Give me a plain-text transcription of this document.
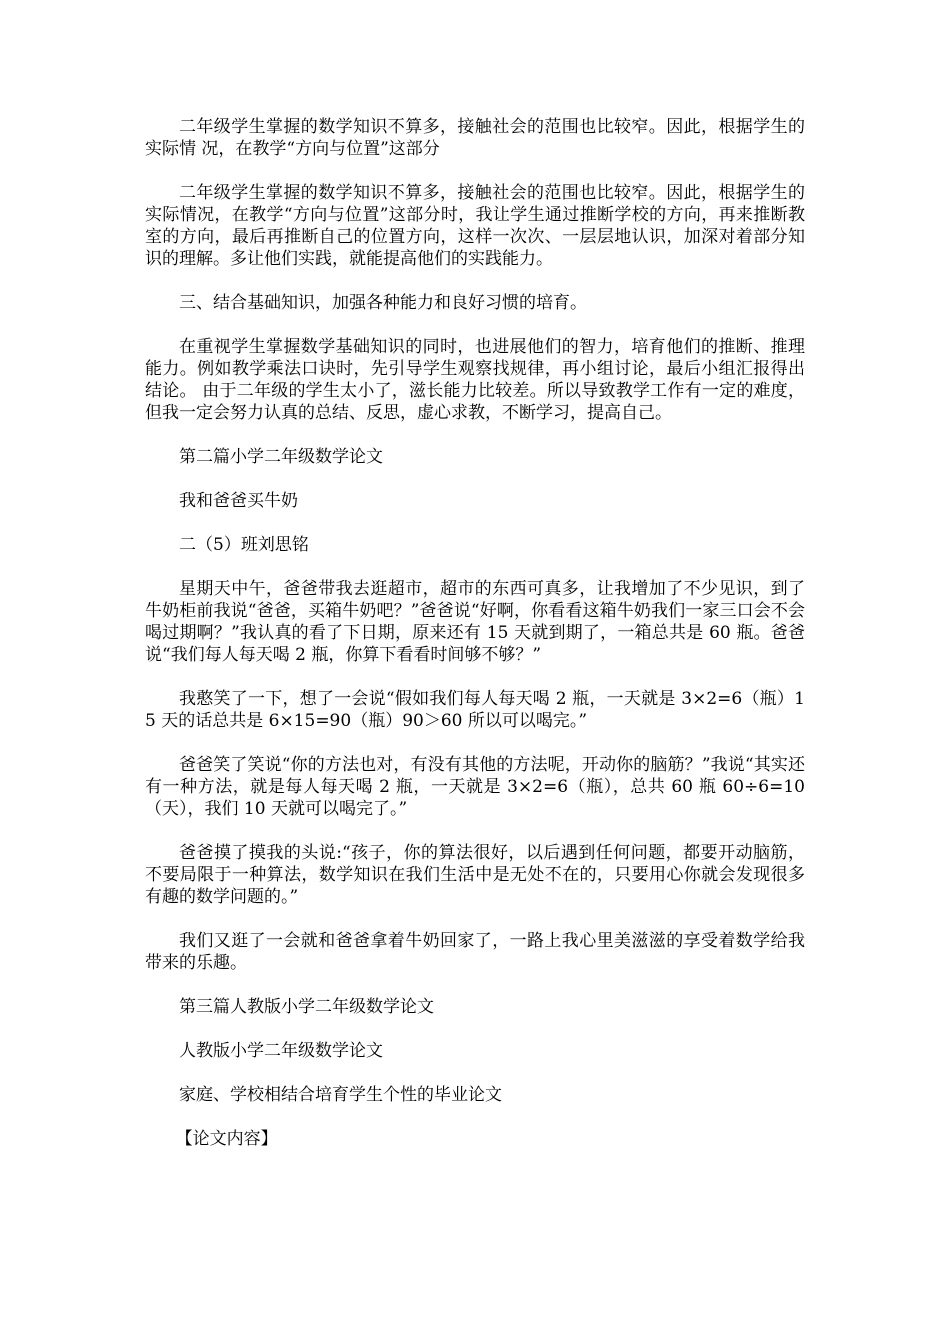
二年级学生掌握的数学知识不算多，接触社会的范围也比较窄。因此，根据学生的实际情 况，在教学“方向与位置”这部分

二年级学生掌握的数学知识不算多，接触社会的范围也比较窄。因此，根据学生的实际情况，在教学“方向与位置”这部分时，我让学生通过推断学校的方向，再来推断教室的方向，最后再推断自己的位置方向，这样一次次、一层层地认识，加深对着部分知识的理解。多让他们实践，就能提高他们的实践能力。

三、结合基础知识，加强各种能力和良好习惯的培育。

在重视学生掌握数学基础知识的同时，也进展他们的智力，培育他们的推断、推理能力。例如教学乘法口诀时，先引导学生观察找规律，再小组讨论，最后小组汇报得出结论。 由于二年级的学生太小了，滋长能力比较差。所以导致教学工作有一定的难度，但我一定会努力认真的总结、反思，虚心求教，不断学习，提高自己。

第二篇小学二年级数学论文

我和爸爸买牛奶

二（5）班刘思铭

星期天中午，爸爸带我去逛超市，超市的东西可真多，让我增加了不少见识，到了牛奶柜前我说“爸爸，买箱牛奶吧？”爸爸说“好啊，你看看这箱牛奶我们一家三口会不会喝过期啊？”我认真的看了下日期，原来还有 15 天就到期了，一箱总共是 60 瓶。爸爸说“我们每人每天喝 2 瓶，你算下看看时间够不够？”

我憨笑了一下，想了一会说“假如我们每人每天喝 2 瓶，一天就是 3×2=6（瓶）15 天的话总共是 6×15=90（瓶）90＞60 所以可以喝完。”

爸爸笑了笑说“你的方法也对，有没有其他的方法呢，开动你的脑筋？”我说“其实还有一种方法，就是每人每天喝 2 瓶，一天就是 3×2=6（瓶），总共 60 瓶 60÷6=10（天），我们 10 天就可以喝完了。”

爸爸摸了摸我的头说:“孩子，你的算法很好，以后遇到任何问题，都要开动脑筋，不要局限于一种算法，数学知识在我们生活中是无处不在的，只要用心你就会发现很多有趣的数学问题的。”

我们又逛了一会就和爸爸拿着牛奶回家了，一路上我心里美滋滋的享受着数学给我带来的乐趣。

第三篇人教版小学二年级数学论文

人教版小学二年级数学论文

家庭、学校相结合培育学生个性的毕业论文

【论文内容】
